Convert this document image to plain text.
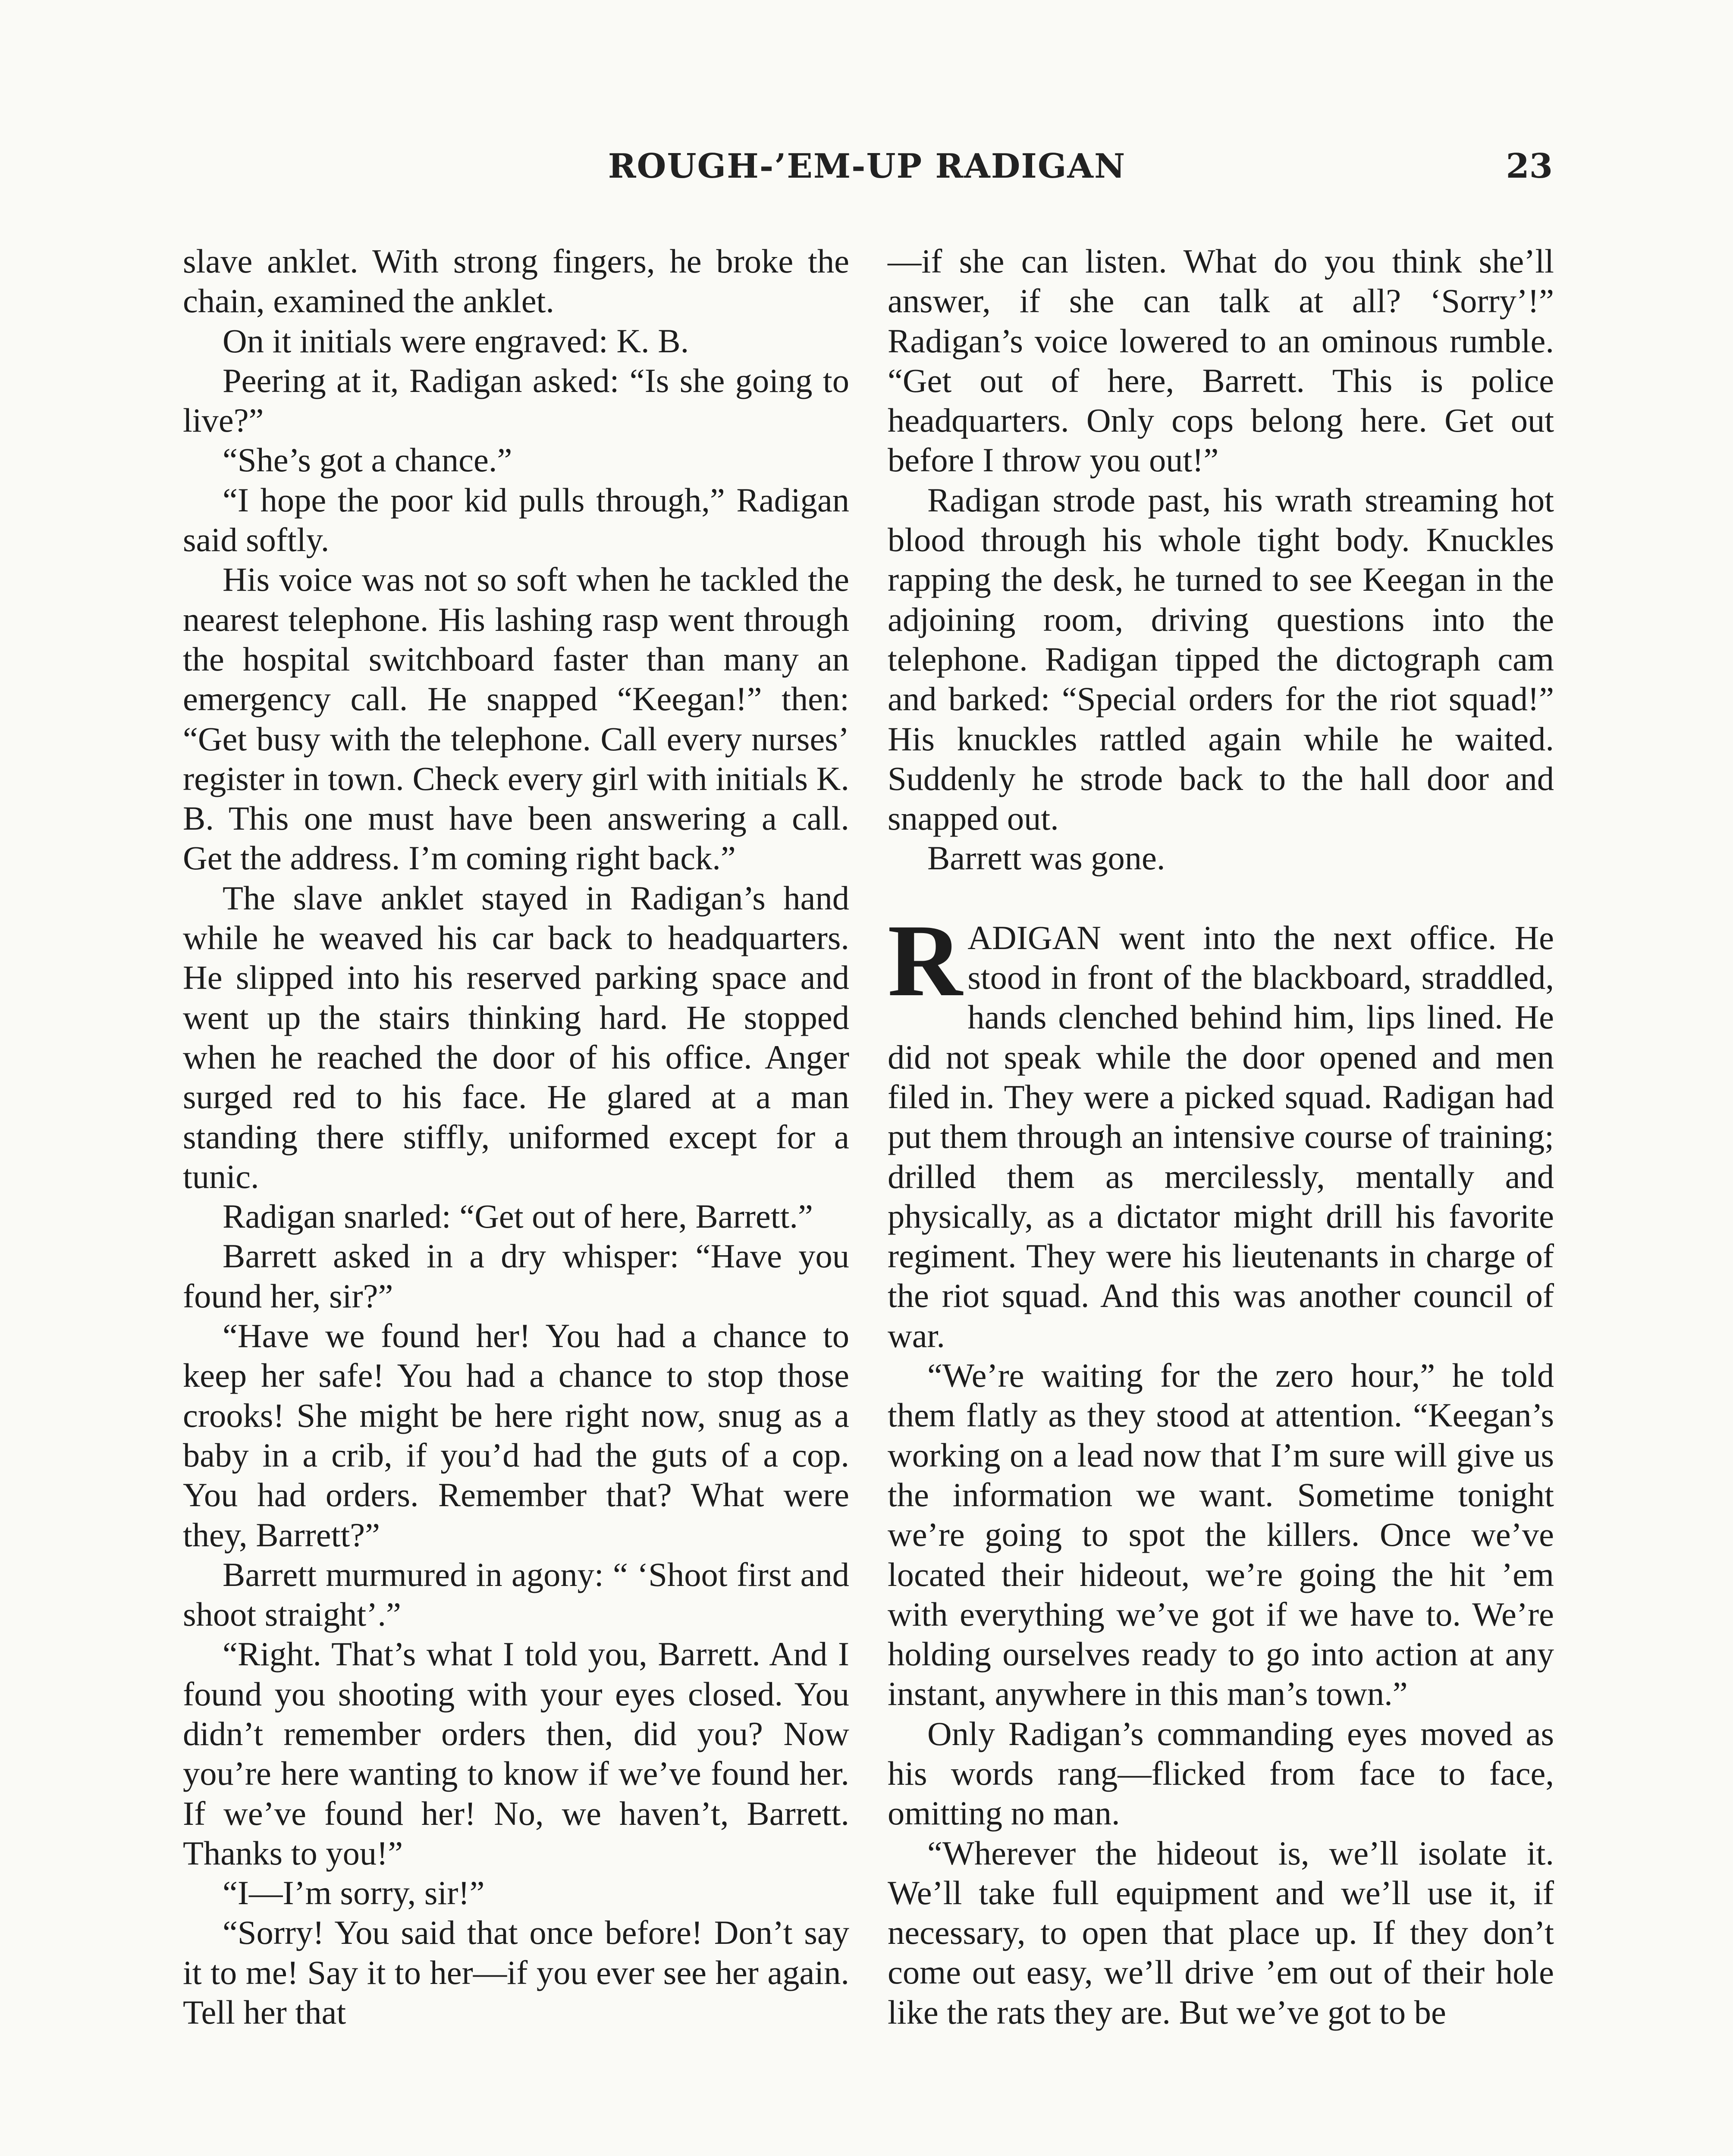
ROUGH-’EM-UP RADIGAN	23

slave anklet. With strong fingers, he broke the chain, examined the anklet.

On it initials were engraved: K. B.

Peering at it, Radigan asked: “Is she going to live?”

“She’s got a chance.”

“I hope the poor kid pulls through,” Radigan said softly.

His voice was not so soft when he tackled the nearest telephone. His lashing rasp went through the hospital switchboard faster than many an emergency call. He snapped “Keegan!” then: “Get busy with the telephone. Call every nurses’ register in town. Check every girl with initials K. B. This one must have been answering a call. Get the address. I’m coming right back.”

The slave anklet stayed in Radigan’s hand while he weaved his car back to headquarters. He slipped into his reserved parking space and went up the stairs thinking hard. He stopped when he reached the door of his office. Anger surged red to his face. He glared at a man standing there stiffly, uniformed except for a tunic.

Radigan snarled: “Get out of here, Barrett.”

Barrett asked in a dry whisper: “Have you found her, sir?”

“Have we found her! You had a chance to keep her safe! You had a chance to stop those crooks! She might be here right now, snug as a baby in a crib, if you’d had the guts of a cop. You had orders. Remember that? What were they, Barrett?”

Barrett murmured in agony: “ ‘Shoot first and shoot straight’.”

“Right. That’s what I told you, Barrett. And I found you shooting with your eyes closed. You didn’t remember orders then, did you? Now you’re here wanting to know if we’ve found her. If we’ve found her! No, we haven’t, Barrett. Thanks to you!”

“I—I’m sorry, sir!”

“Sorry! You said that once before! Don’t say it to me! Say it to her—if you ever see her again. Tell her that

—if she can listen. What do you think she’ll answer, if she can talk at all? ‘Sorry’!” Radigan’s voice lowered to an ominous rumble. “Get out of here, Barrett. This is police headquarters. Only cops belong here. Get out before I throw you out!”

Radigan strode past, his wrath streaming hot blood through his whole tight body. Knuckles rapping the desk, he turned to see Keegan in the adjoining room, driving questions into the telephone. Radigan tipped the dictograph cam and barked: “Special orders for the riot squad!” His knuckles rattled again while he waited. Suddenly he strode back to the hall door and snapped out.

Barrett was gone.

RADIGAN went into the next office. He stood in front of the blackboard, straddled, hands clenched behind him, lips lined. He did not speak while the door opened and men filed in. They were a picked squad. Radigan had put them through an intensive course of training; drilled them as mercilessly, mentally and physically, as a dictator might drill his favorite regiment. They were his lieutenants in charge of the riot squad. And this was another council of war.

“We’re waiting for the zero hour,” he told them flatly as they stood at attention. “Keegan’s working on a lead now that I’m sure will give us the information we want. Sometime tonight we’re going to spot the killers. Once we’ve located their hideout, we’re going the hit ’em with everything we’ve got if we have to. We’re holding ourselves ready to go into action at any instant, anywhere in this man’s town.”

Only Radigan’s commanding eyes moved as his words rang—flicked from face to face, omitting no man.

“Wherever the hideout is, we’ll isolate it. We’ll take full equipment and we’ll use it, if necessary, to open that place up. If they don’t come out easy, we’ll drive ’em out of their hole like the rats they are. But we’ve got to be
